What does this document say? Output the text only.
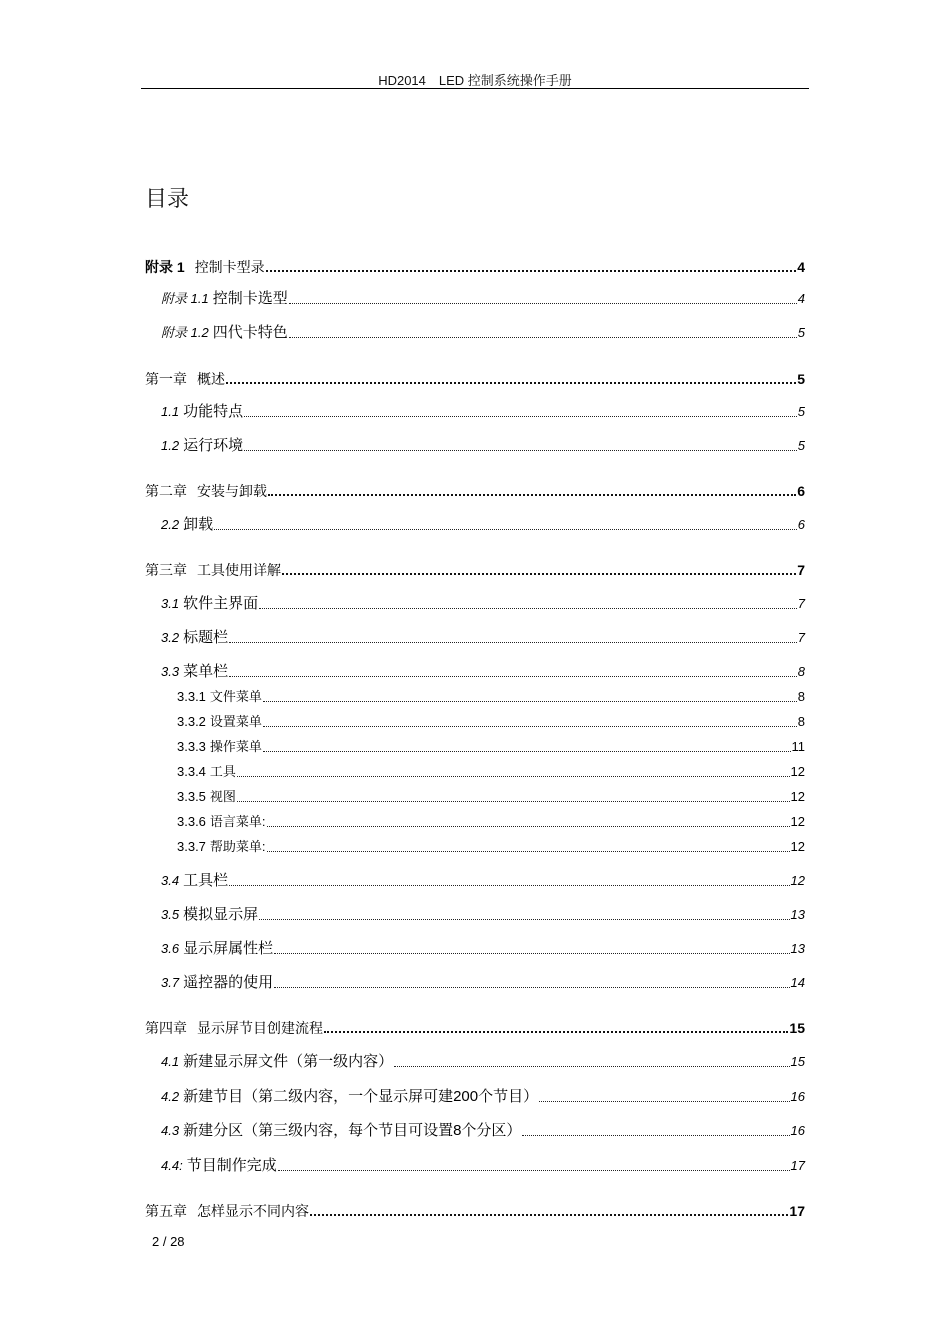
HD2014　LED 控制系统操作手册
目录
附录 1 控制卡型录	4
附录 1.1 控制卡选型	4
附录 1.2 四代卡特色	5
第一章 概述	5
1.1 功能特点	5
1.2 运行环境	5
第二章 安装与卸载	6
2.2 卸载	6
第三章 工具使用详解	7
3.1 软件主界面	7
3.2 标题栏	7
3.3 菜单栏	8
3.3.1 文件菜单	8
3.3.2 设置菜单	8
3.3.3 操作菜单	11
3.3.4 工具	12
3.3.5 视图	12
3.3.6 语言菜单:	12
3.3.7 帮助菜单:	12
3.4 工具栏	12
3.5 模拟显示屏	13
3.6 显示屏属性栏	13
3.7 遥控器的使用	14
第四章 显示屏节目创建流程	15
4.1 新建显示屏文件（第一级内容）	15
4.2 新建节目（第二级内容，一个显示屏可建200个节目）	16
4.3 新建分区（第三级内容，每个节目可设置8个分区）	16
4.4: 节目制作完成	17
第五章 怎样显示不同内容	17
2 / 28
